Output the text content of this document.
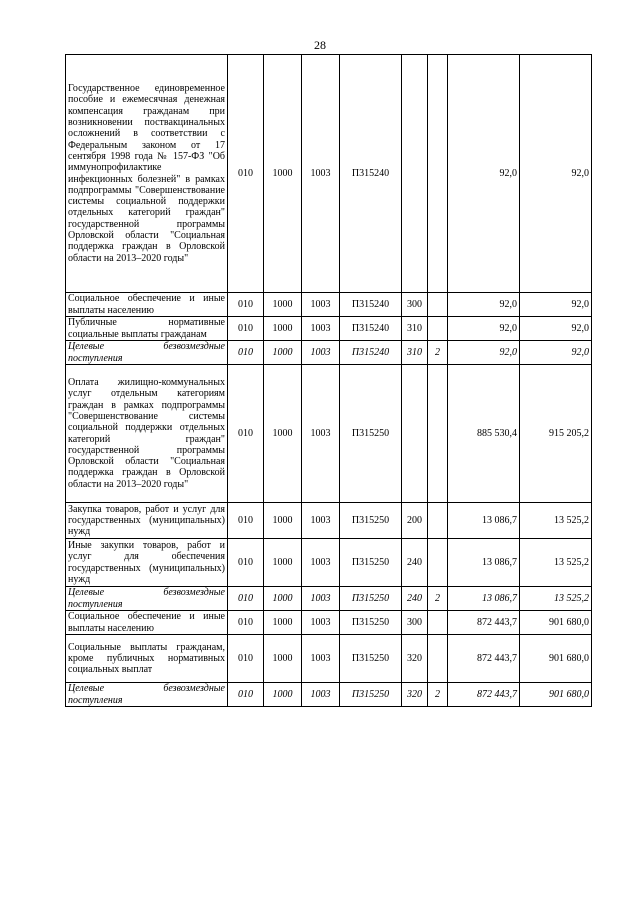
28
Государственное единовременное пособие и ежемесячная денежная компенсация гражданам при возникновении поствакцинальных осложнений в соответствии с Федеральным законом от 17 сентября 1998 года № 157-ФЗ "Об иммунопрофилактике инфекционных болезней" в рамках подпрограммы "Совершенствование системы социальной поддержки отдельных категорий граждан" государственной программы Орловской области "Социальная поддержка граждан в Орловской области на 2013–2020 годы"	010	1000	1003	П315240			92,0	92,0
Социальное обеспечение и иные выплаты населению	010	1000	1003	П315240	300		92,0	92,0
Публичные нормативные социальные выплаты гражданам	010	1000	1003	П315240	310		92,0	92,0
Целевые безвозмездные поступления	010	1000	1003	П315240	310	2	92,0	92,0
Оплата жилищно-коммунальных услуг отдельным категориям граждан в рамках подпрограммы "Совершенствование системы социальной поддержки отдельных категорий граждан" государственной программы Орловской области "Социальная поддержка граждан в Орловской области на 2013–2020 годы"	010	1000	1003	П315250			885 530,4	915 205,2
Закупка товаров, работ и услуг для государственных (муниципальных) нужд	010	1000	1003	П315250	200		13 086,7	13 525,2
Иные закупки товаров, работ и услуг для обеспечения государственных (муниципальных) нужд	010	1000	1003	П315250	240		13 086,7	13 525,2
Целевые безвозмездные поступления	010	1000	1003	П315250	240	2	13 086,7	13 525,2
Социальное обеспечение и иные выплаты населению	010	1000	1003	П315250	300		872 443,7	901 680,0
Социальные выплаты гражданам, кроме публичных нормативных социальных выплат	010	1000	1003	П315250	320		872 443,7	901 680,0
Целевые безвозмездные поступления	010	1000	1003	П315250	320	2	872 443,7	901 680,0
